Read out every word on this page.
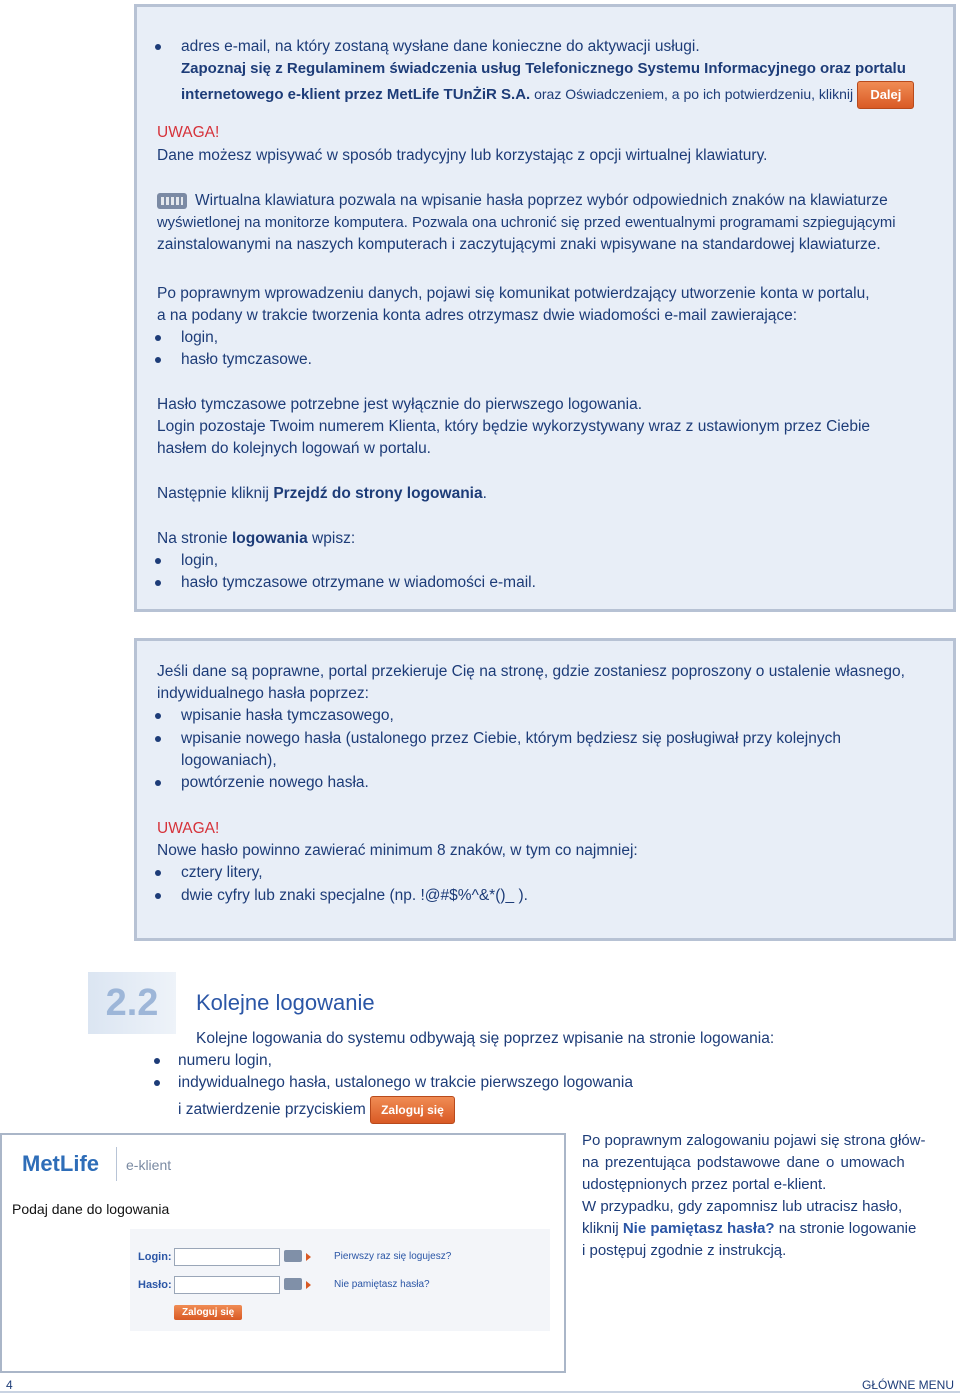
adres e-mail, na który zostaną wysłane dane konieczne do aktywacji usługi.
Zapoznaj się z Regulaminem świadczenia usług Telefonicznego Systemu Informacyjnego oraz portalu
internetowego e-klient przez MetLife TUnŻiR S.A. oraz Oświadczeniem, a po ich potwierdzeniu, kliknij Dalej
UWAGA!
Dane możesz wpisywać w sposób tradycyjny lub korzystając z opcji wirtualnej klawiatury.
Wirtualna klawiatura pozwala na wpisanie hasła poprzez wybór odpowiednich znaków na klawiaturze
wyświetlonej na monitorze komputera. Pozwala ona uchronić się przed ewentualnymi programami szpiegującymi
zainstalowanymi na naszych komputerach i zaczytującymi znaki wpisywane na standardowej klawiaturze.
Po poprawnym wprowadzeniu danych, pojawi się komunikat potwierdzający utworzenie konta w portalu,
a na podany w trakcie tworzenia konta adres otrzymasz dwie wiadomości e-mail zawierające:
login,
hasło tymczasowe.
Hasło tymczasowe potrzebne jest wyłącznie do pierwszego logowania.
Login pozostaje Twoim numerem Klienta, który będzie wykorzystywany wraz z ustawionym przez Ciebie
hasłem do kolejnych logowań w portalu.
Następnie kliknij Przejdź do strony logowania.
Na stronie logowania wpisz:
login,
hasło tymczasowe otrzymane w wiadomości e-mail.
Jeśli dane są poprawne, portal przekieruje Cię na stronę, gdzie zostaniesz poproszony o ustalenie własnego,
indywidualnego hasła poprzez:
wpisanie hasła tymczasowego,
wpisanie nowego hasła (ustalonego przez Ciebie, którym będziesz się posługiwał przy kolejnych
logowaniach),
powtórzenie nowego hasła.
UWAGA!
Nowe hasło powinno zawierać minimum 8 znaków, w tym co najmniej:
cztery litery,
dwie cyfry lub znaki specjalne (np. !@#$%^&*()_ ).
2.2	Kolejne logowanie
Kolejne logowania do systemu odbywają się poprzez wpisanie na stronie logowania:
numeru login,
indywidualnego hasła, ustalonego w trakcie pierwszego logowania
i zatwierdzenie przyciskiem Zaloguj się
MetLife e-klient
Podaj dane do logowania
Login:	Pierwszy raz się logujesz?
Hasło:	Nie pamiętasz hasła?
Zaloguj się
Po poprawnym zalogowaniu pojawi się strona głów-
na prezentująca podstawowe dane o umowach
udostępnionych przez portal e-klient.
W przypadku, gdy zapomnisz lub utracisz hasło,
kliknij Nie pamiętasz hasła? na stronie logowanie
i postępuj zgodnie z instrukcją.
4	GŁÓWNE MENU
